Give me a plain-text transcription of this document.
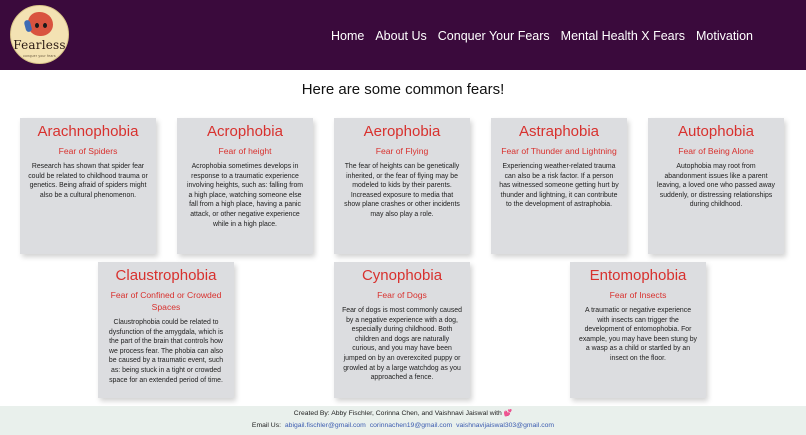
Fearless
conquer your fears
Home About Us Conquer Your Fears Mental Health X Fears Motivation
Here are some common fears!
Arachnophobia
Fear of Spiders
Research has shown that spider fear could be related to childhood trauma or genetics. Being afraid of spiders might also be a cultural phenomenon.
Acrophobia
Fear of height
Acrophobia sometimes develops in response to a traumatic experience involving heights, such as: falling from a high place, watching someone else fall from a high place, having a panic attack, or other negative experience while in a high place.
Aerophobia
Fear of Flying
The fear of heights can be genetically inherited, or the fear of flying may be modeled to kids by their parents. Increased exposure to media that show plane crashes or other incidents may also play a role.
Astraphobia
Fear of Thunder and Lightning
Experiencing weather-related trauma can also be a risk factor. If a person has witnessed someone getting hurt by thunder and lightning, it can contribute to the development of astraphobia.
Autophobia
Fear of Being Alone
Autophobia may root from abandonment issues like a parent leaving, a loved one who passed away suddenly, or distressing relationships during childhood.
Claustrophobia
Fear of Confined or Crowded Spaces
Claustrophobia could be related to dysfunction of the amygdala, which is the part of the brain that controls how we process fear. The phobia can also be caused by a traumatic event, such as: being stuck in a tight or crowded space for an extended period of time.
Cynophobia
Fear of Dogs
Fear of dogs is most commonly caused by a negative experience with a dog, especially during childhood. Both children and dogs are naturally curious, and you may have been jumped on by an overexcited puppy or growled at by a large watchdog as you approached a fence.
Entomophobia
Fear of Insects
A traumatic or negative experience with insects can trigger the development of entomophobia. For example, you may have been stung by a wasp as a child or startled by an insect on the floor.
Created By: Abby Fischler, Corinna Chen, and Vaishnavi Jaiswal with 💕
Email Us: abigail.fischler@gmail.com corinnachen19@gmail.com vaishnavijaiswal303@gmail.com
